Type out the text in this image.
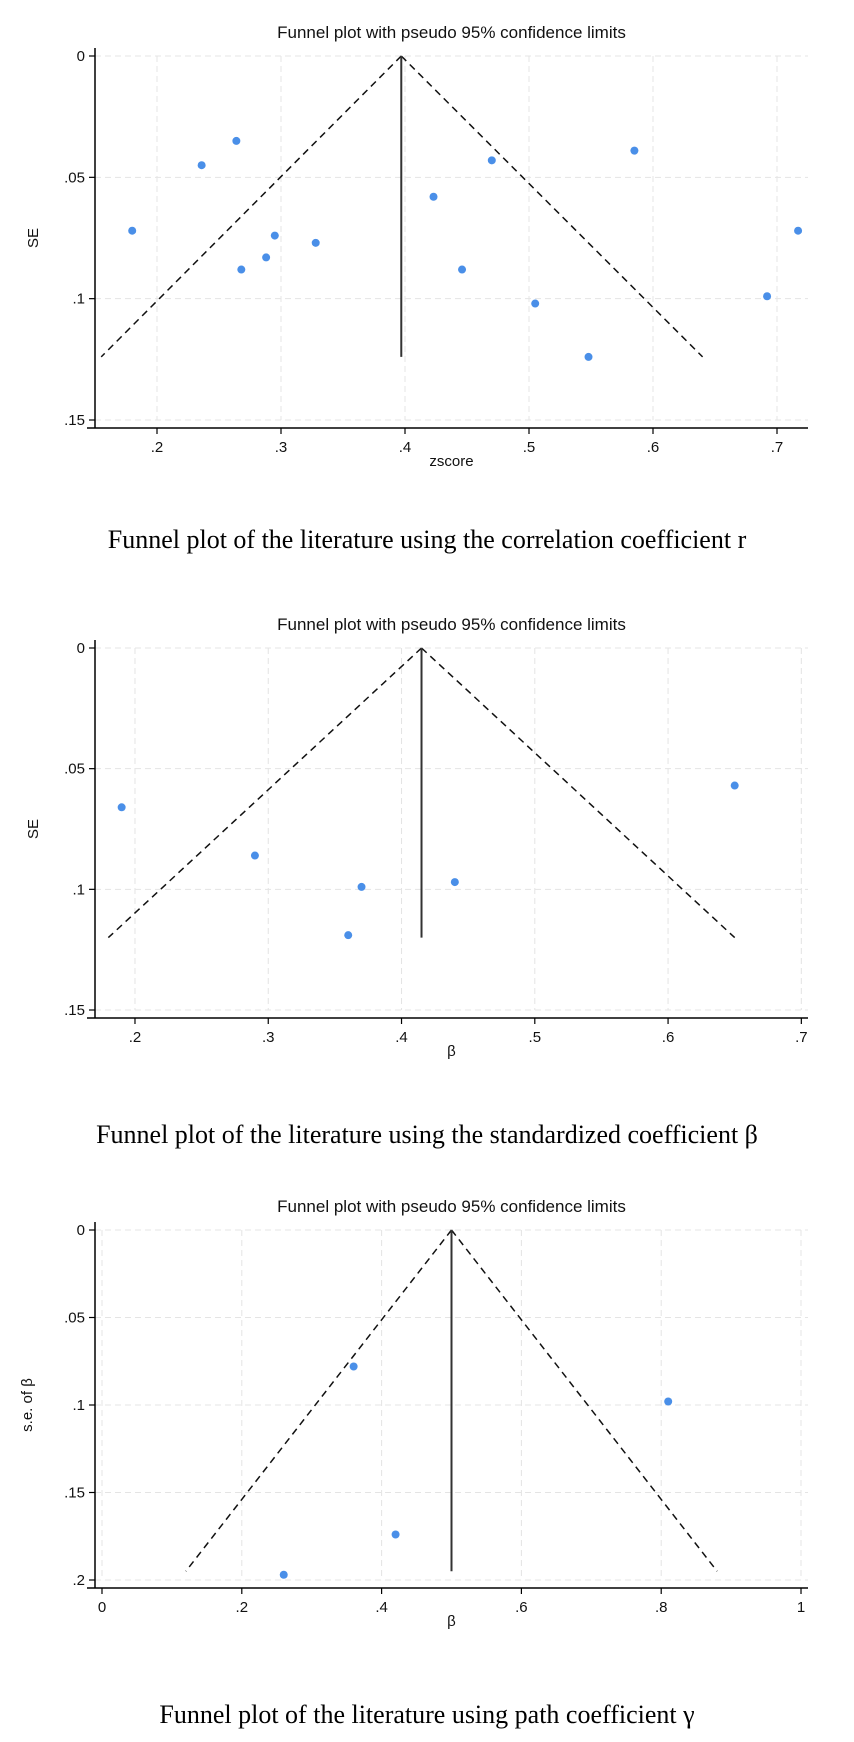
.2	.3	.4	.5	.6	.7
0
.05
.1
.15
Funnel plot with pseudo 95% confidence limits
zscore
SE
Funnel plot of the literature using the correlation coefficient r
.2	.3	.4	.5	.6	.7
0
.05
.1
.15
Funnel plot with pseudo 95% confidence limits
β
SE
Funnel plot of the literature using the standardized coefficient β
0	.2	.4	.6	.8	1
0
.05
.1
.15
.2
Funnel plot with pseudo 95% confidence limits
β
s.e. of β
Funnel plot of the literature using path coefficient γ
